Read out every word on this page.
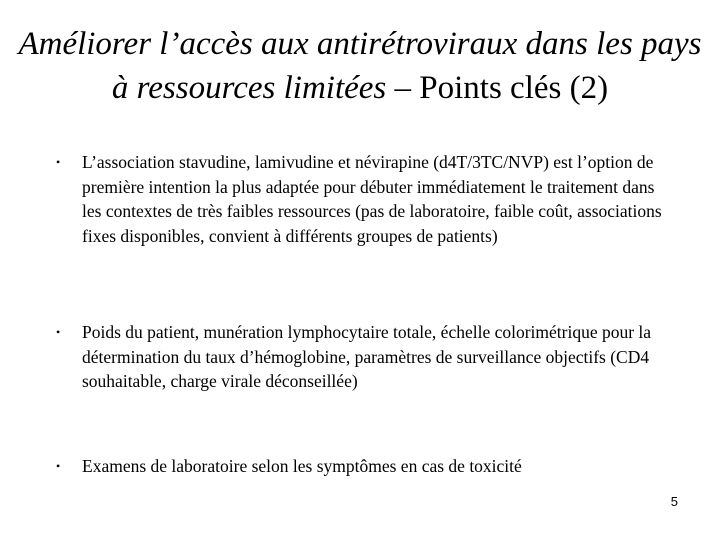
Améliorer l’accès aux antirétroviraux dans les pays à ressources limitées – Points clés (2)
• L’association stavudine, lamivudine et névirapine (d4T/3TC/NVP) est l’option de première intention la plus adaptée pour débuter immédiatement le traitement dans les contextes de très faibles ressources (pas de laboratoire, faible coût, associations fixes disponibles, convient à différents groupes de patients)
• Poids du patient, munération lymphocytaire totale, échelle colorimétrique pour la détermination du taux d’hémoglobine, paramètres de surveillance objectifs (CD4 souhaitable, charge virale déconseillée)
• Examens de laboratoire selon les symptômes en cas de toxicité
5
